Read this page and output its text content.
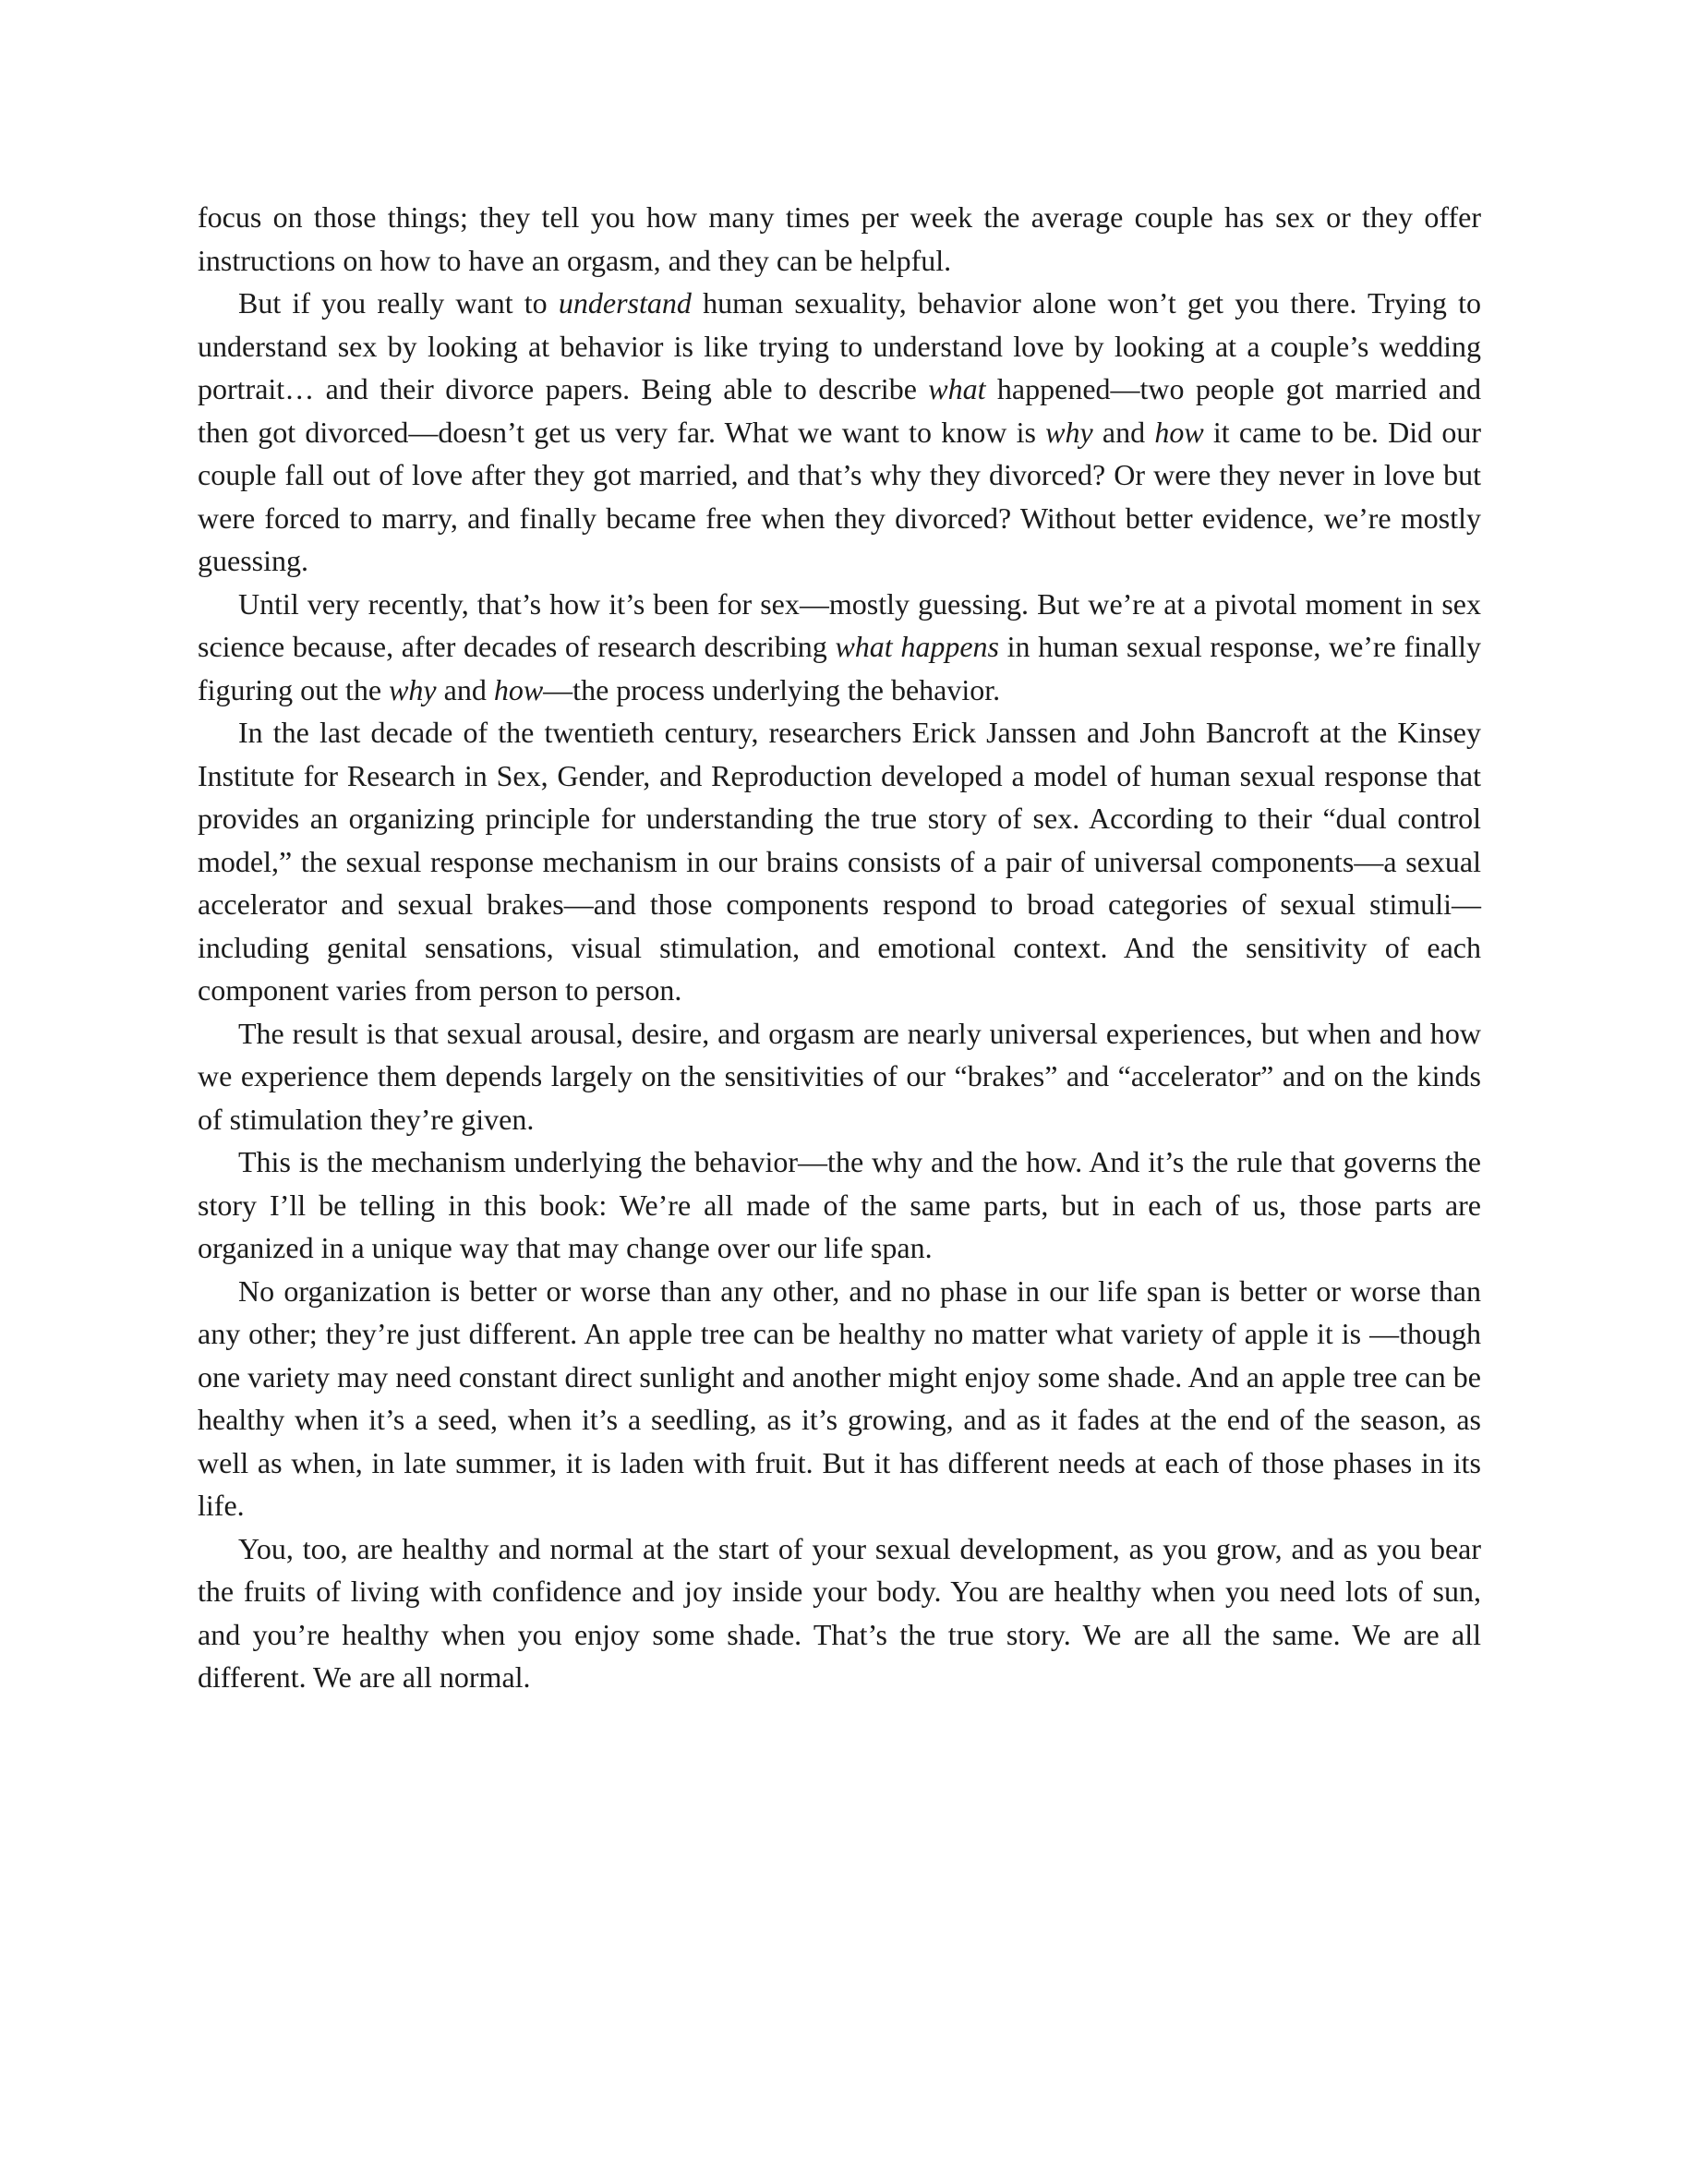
focus on those things; they tell you how many times per week the average couple has sex or they offer instructions on how to have an orgasm, and they can be helpful.

But if you really want to understand human sexuality, behavior alone won’t get you there. Trying to understand sex by looking at behavior is like trying to understand love by looking at a couple’s wedding portrait… and their divorce papers. Being able to describe what happened—two people got married and then got divorced—doesn’t get us very far. What we want to know is why and how it came to be. Did our couple fall out of love after they got married, and that’s why they divorced? Or were they never in love but were forced to marry, and finally became free when they divorced? Without better evidence, we’re mostly guessing.

Until very recently, that’s how it’s been for sex—mostly guessing. But we’re at a pivotal moment in sex science because, after decades of research describing what happens in human sexual response, we’re finally figuring out the why and how—the process underlying the behavior.

In the last decade of the twentieth century, researchers Erick Janssen and John Bancroft at the Kinsey Institute for Research in Sex, Gender, and Reproduction developed a model of human sexual response that provides an organizing principle for understanding the true story of sex. According to their “dual control model,” the sexual response mechanism in our brains consists of a pair of universal components—a sexual accelerator and sexual brakes—and those components respond to broad categories of sexual stimuli—including genital sensations, visual stimulation, and emotional context. And the sensitivity of each component varies from person to person.

The result is that sexual arousal, desire, and orgasm are nearly universal experiences, but when and how we experience them depends largely on the sensitivities of our “brakes” and “accelerator” and on the kinds of stimulation they’re given.

This is the mechanism underlying the behavior—the why and the how. And it’s the rule that governs the story I’ll be telling in this book: We’re all made of the same parts, but in each of us, those parts are organized in a unique way that may change over our life span.

No organization is better or worse than any other, and no phase in our life span is better or worse than any other; they’re just different. An apple tree can be healthy no matter what variety of apple it is —though one variety may need constant direct sunlight and another might enjoy some shade. And an apple tree can be healthy when it’s a seed, when it’s a seedling, as it’s growing, and as it fades at the end of the season, as well as when, in late summer, it is laden with fruit. But it has different needs at each of those phases in its life.

You, too, are healthy and normal at the start of your sexual development, as you grow, and as you bear the fruits of living with confidence and joy inside your body. You are healthy when you need lots of sun, and you’re healthy when you enjoy some shade. That’s the true story. We are all the same. We are all different. We are all normal.
